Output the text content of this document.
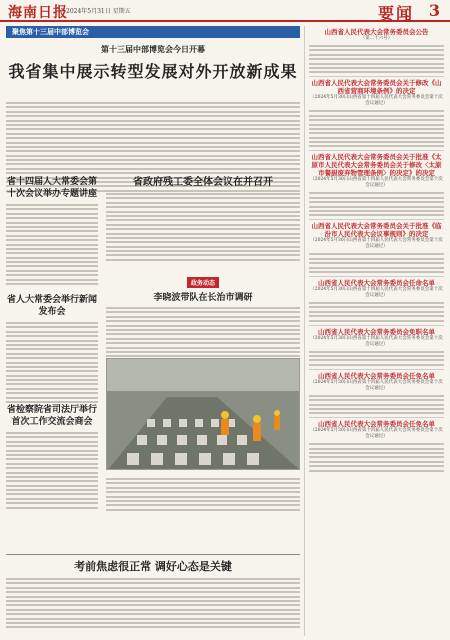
海南日报
2024年5月31日 星期五	要闻 3
聚焦第十三届中部博览会
第十三届中部博览会今日开幕
我省集中展示转型发展对外开放新成果
省十四届人大常委会第十次会议举办专题讲座
省政府残工委全体会议在并召开
省人大常委会举行新闻发布会
政务动态
李晓波带队在长治市调研
省检察院省司法厅举行首次工作交流会商会
考前焦虑很正常 调好心态是关键
山西省人民代表大会常务委员会公告
（第二十六号）
山西省人民代表大会常务委员会关于修改《山西省营商环境条例》的决定
（2024年5月30日山西省第十四届人民代表大会常务委员会第十次会议通过）
山西省人民代表大会常务委员会关于批准《太原市人民代表大会常务委员会关于修改〈太原市餐厨废弃物管理条例〉的决定》的决定
（2024年5月30日山西省第十四届人民代表大会常务委员会第十次会议通过）
山西省人民代表大会常务委员会关于批准《临汾市人民代表大会议事规则》的决定
（2024年5月30日山西省第十四届人民代表大会常务委员会第十次会议通过）
山西省人民代表大会常务委员会任命名单
（2024年5月30日山西省第十四届人民代表大会常务委员会第十次会议通过）
山西省人民代表大会常务委员会免职名单
（2024年5月30日山西省第十四届人民代表大会常务委员会第十次会议通过）
山西省人民代表大会常务委员会任免名单
（2024年5月30日山西省第十四届人民代表大会常务委员会第十次会议通过）
山西省人民代表大会常务委员会任免名单
（2024年5月30日山西省第十四届人民代表大会常务委员会第十次会议通过）
